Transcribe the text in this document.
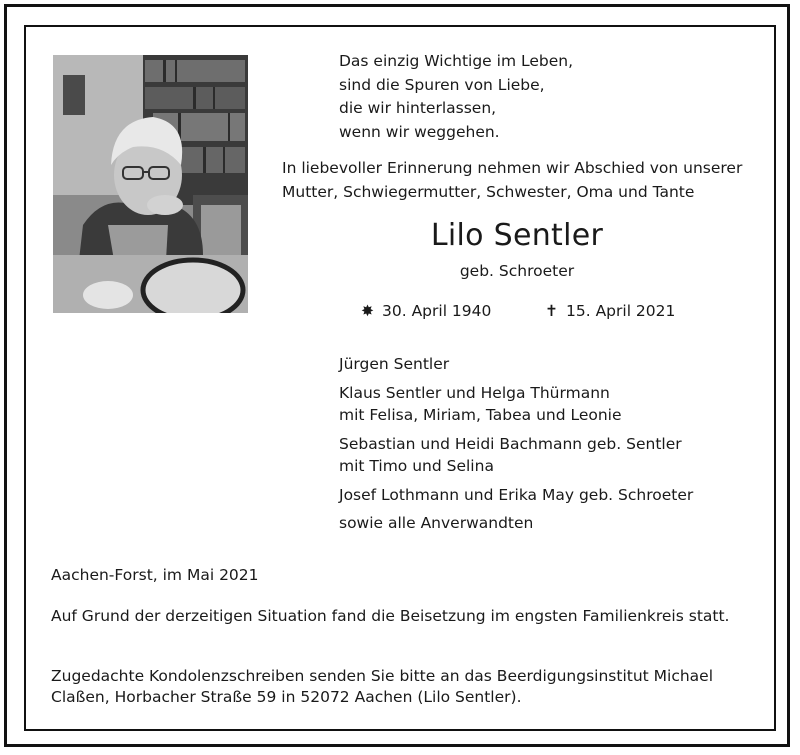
Das einzig Wichtige im Leben,
sind die Spuren von Liebe,
die wir hinterlassen,
wenn wir weggehen.
In liebevoller Erinnerung nehmen wir Abschied von unserer
Mutter, Schwiegermutter, Schwester, Oma und Tante
Lilo Sentler
geb. Schroeter
✸ 30. April 1940	✝ 15. April 2021
Jürgen Sentler
Klaus Sentler und Helga Thürmann
mit Felisa, Miriam, Tabea und Leonie
Sebastian und Heidi Bachmann geb. Sentler
mit Timo und Selina
Josef Lothmann und Erika May geb. Schroeter
sowie alle Anverwandten
Aachen-Forst, im Mai 2021
Auf Grund der derzeitigen Situation fand die Beisetzung im engsten Familienkreis statt.
Zugedachte Kondolenzschreiben senden Sie bitte an das Beerdigungsinstitut Michael Claßen, Horbacher Straße 59 in 52072 Aachen (Lilo Sentler).
